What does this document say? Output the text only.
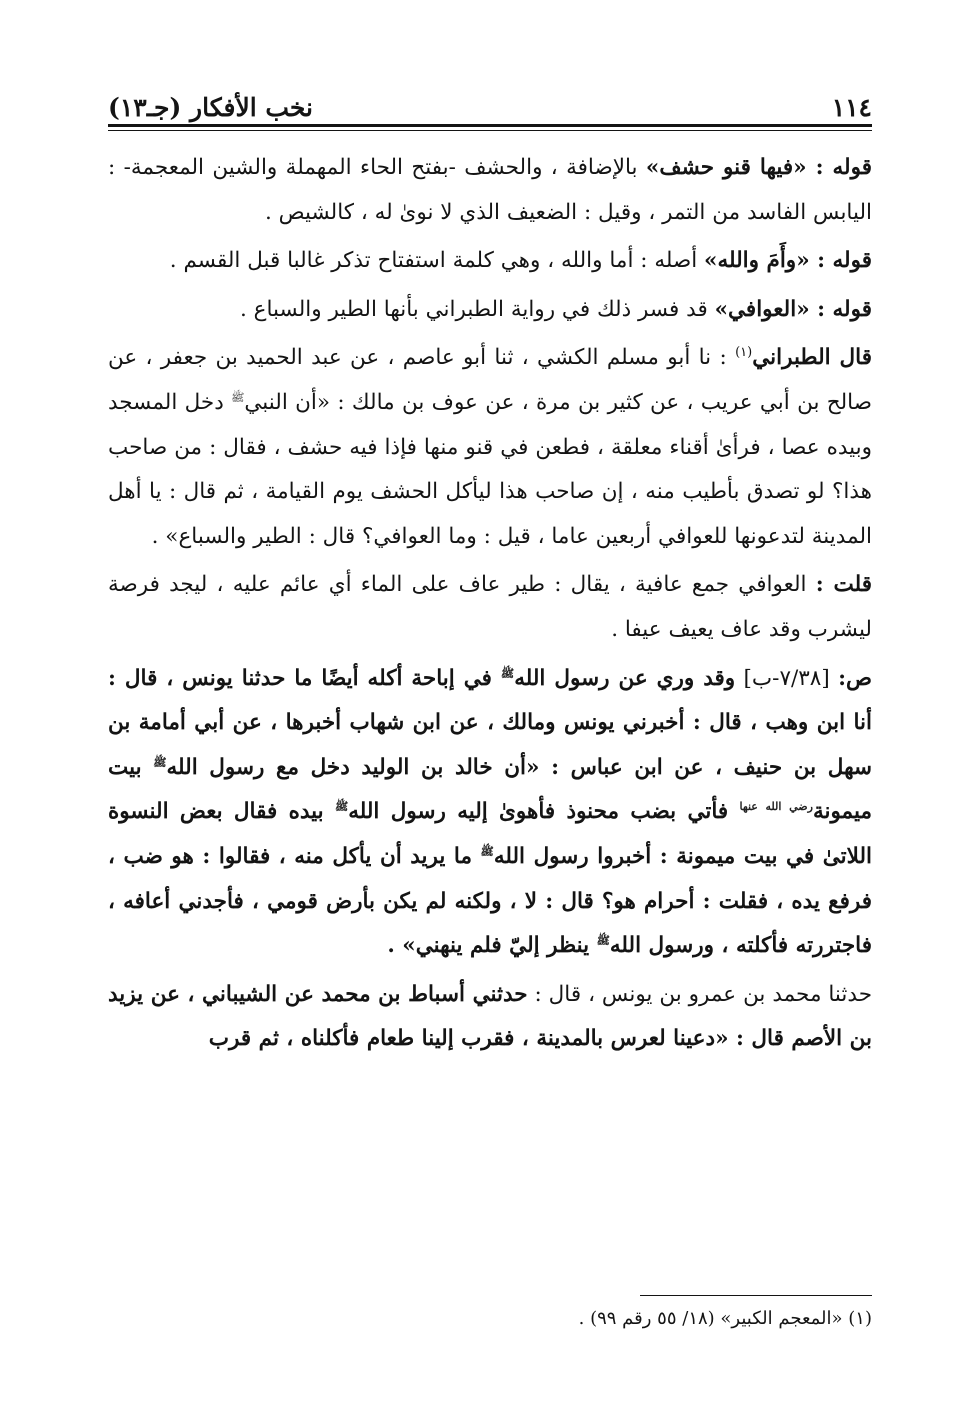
١١٤
نخب الأفكار (جـ١٣)

قوله : «فيها قنو حشف» بالإضافة ، والحشف -بفتح الحاء المهملة والشين المعجمة- : اليابس الفاسد من التمر ، وقيل : الضعيف الذي لا نوىٰ له ، كالشيص .

قوله : «وأَمَ والله» أصله : أما والله ، وهي كلمة استفتاح تذكر غالبا قبل القسم .

قوله : «العوافي» قد فسر ذلك في رواية الطبراني بأنها الطير والسباع .

قال الطبراني$^{(١)}$ : نا أبو مسلم الكشي ، ثنا أبو عاصم ، عن عبد الحميد بن جعفر ، عن صالح بن أبي عريب ، عن كثير بن مرة ، عن عوف بن مالك : «أن النبي$^ﷺ$ دخل المسجد وبيده عصا ، فرأىٰ أقناء معلقة ، فطعن في قنو منها فإذا فيه حشف ، فقال : من صاحب هذا؟ لو تصدق بأطيب منه ، إن صاحب هذا ليأكل الحشف يوم القيامة ، ثم قال : يا أهل المدينة لتدعونها للعوافي أربعين عاما ، قيل : وما العوافي؟ قال : الطير والسباع» .

قلت : العوافي جمع عافية ، يقال : طير عاف على الماء أي عائم عليه ، ليجد فرصة ليشرب وقد عاف يعيف عيفا .

ص: [٧/٣٨-ب] وقد وري عن رسول الله$^ﷺ$ في إباحة أكله أيضًا ما حدثنا يونس ، قال : أنا ابن وهب ، قال : أخبرني يونس ومالك ، عن ابن شهاب أخبرها ، عن أبي أمامة بن سهل بن حنيف ، عن ابن عباس : «أن خالد بن الوليد دخل مع رسول الله$^ﷺ$ بيت ميمونة$^{رضي الله عنها}$ فأتي بضب محنوذ فأهوىٰ إليه رسول الله$^ﷺ$ بيده فقال بعض النسوة اللاتىٰ في بيت ميمونة : أخبروا رسول الله$^ﷺ$ ما يريد أن يأكل منه ، فقالوا : هو ضب ، فرفع يده ، فقلت : أحرام هو؟ قال : لا ، ولكنه لم يكن بأرض قومي ، فأجدني أعافه ، فاجتررته فأكلته ، ورسول الله$^ﷺ$ ينظر إليّ فلم ينهني» .

حدثنا محمد بن عمرو بن يونس ، قال : حدثني أسباط بن محمد عن الشيباني ، عن يزيد بن الأصم قال : «دعينا لعرس بالمدينة ، فقرب إلينا طعام فأكلناه ، ثم قرب

(١) «المعجم الكبير» (١٨/ ٥٥ رقم ٩٩) .
